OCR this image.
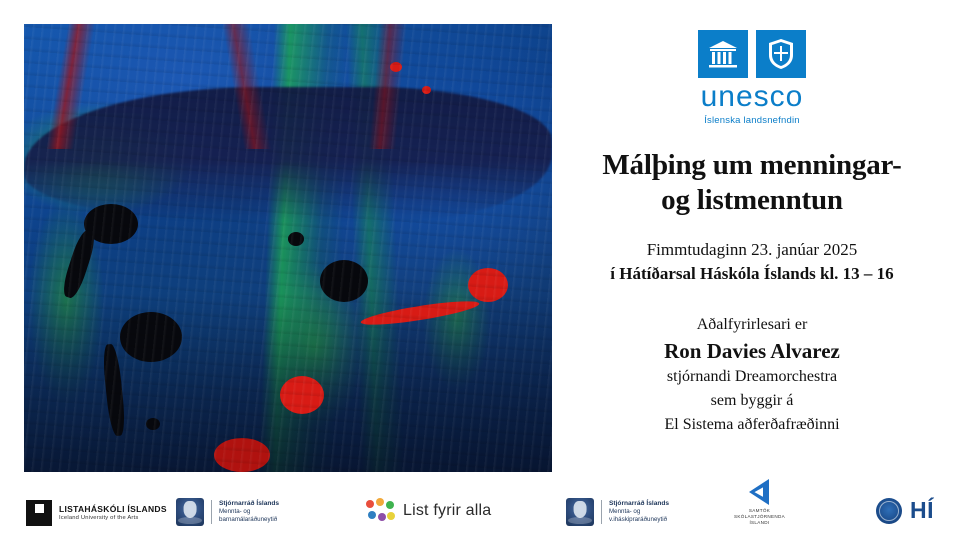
unesco
Íslenska landsnefndin
Málþing um menningar-
og listmenntun
Fimmtudaginn 23. janúar 2025
í Hátíðarsal Háskóla Íslands kl. 13 – 16
Aðalfyrirlesari er
Ron Davies Alvarez
stjórnandi Dreamorchestra
sem byggir á
El Sistema aðferðafræðinni
LISTAHÁSKÓLI ÍSLANDS
Iceland University of the Arts
Stjórnarráð Íslands
Mennta- og
barnamálaráðuneytið
List fyrir alla	Stjórnarráð Íslands
Mennta- og
v.iháskipraráðuneytið
SAMTÖK
SKÓLASTJÓRNENDA
ÍSLANDI	HÍ
